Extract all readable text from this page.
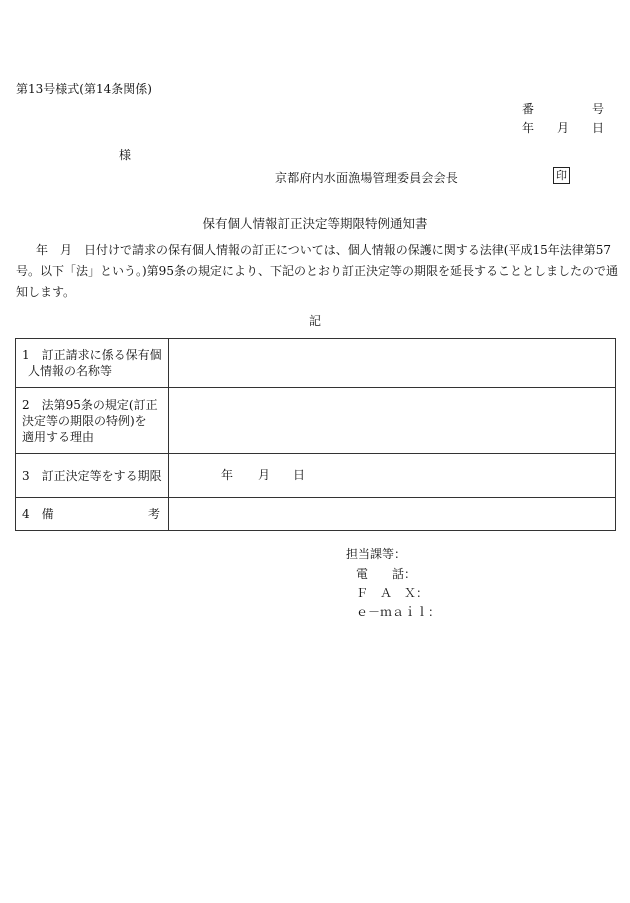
第13号様式(第14条関係)
番	号
年 月 日
様
京都府内水面漁場管理委員会会長	印
保有個人情報訂正決定等期限特例通知書
年　月　日付けで請求の保有個人情報の訂正については、個人情報の保護に関する法律(平成15年法律第57
号。以下「法」という。)第95条の規定により、下記のとおり訂正決定等の期限を延長することとしましたので通
知します。
記
1　訂正請求に係る保有個
人情報の名称等	

2　法第95条の規定(訂正
決定等の期限の特例)を
適用する理由	

3　訂正決定等をする期限	年 月 日

4　備 考	

担当課等：
電　　話：
Ｆ　Ａ　Ｘ：
ｅ－ｍａｉｌ：
